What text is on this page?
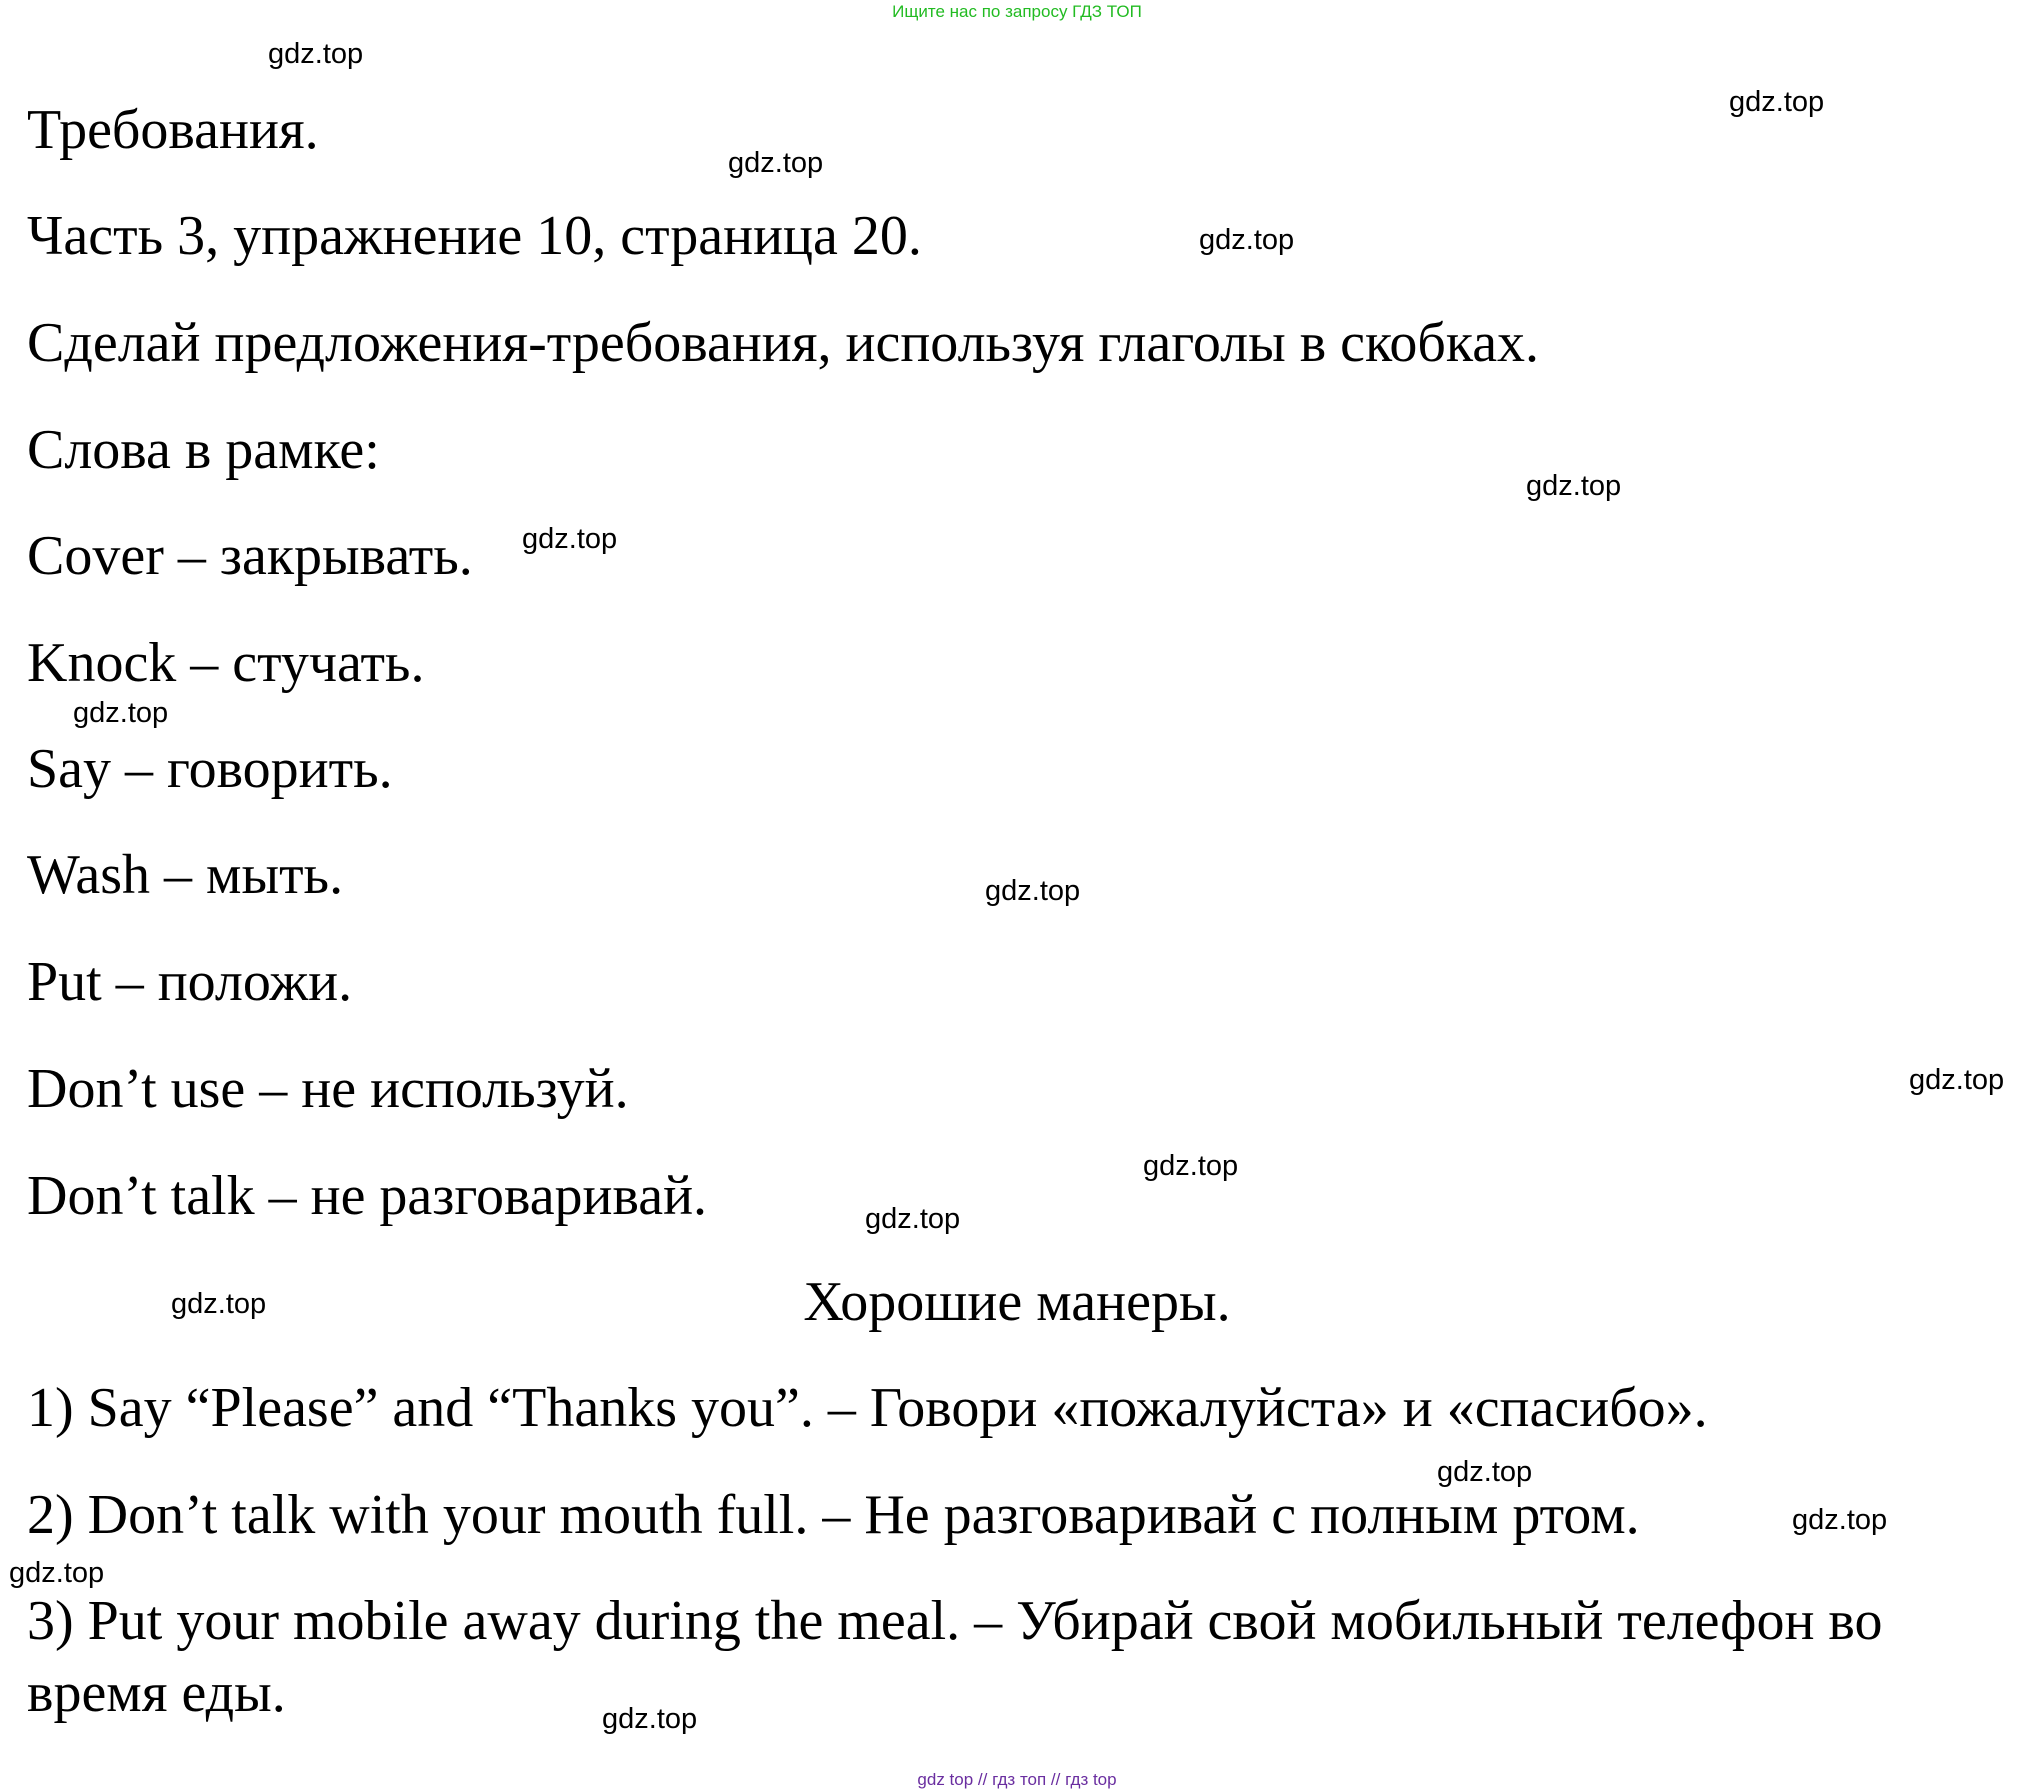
Ищите нас по запросу ГДЗ ТОП
Требования.
Часть 3, упражнение 10, страница 20.
Сделай предложения-требования, используя глаголы в скобках.
Слова в рамке:
Cover – закрывать.
Knock – стучать.
Say – говорить.
Wash – мыть.
Put – положи.
Don’t use – не используй.
Don’t talk – не разговаривай.
Хорошие манеры.
1) Say “Please” and “Thanks you”. – Говори «пожалуйста» и «спасибо».
2) Don’t talk with your mouth full. – Не разговаривай с полным ртом.
3) Put your mobile away during the meal. – Убирай свой мобильный телефон во
время еды.
gdz.top
gdz.top
gdz.top
gdz.top
gdz.top
gdz.top
gdz.top
gdz.top
gdz.top
gdz.top
gdz.top
gdz.top
gdz.top
gdz.top
gdz.top
gdz.top
gdz top // гдз топ // гдз top
